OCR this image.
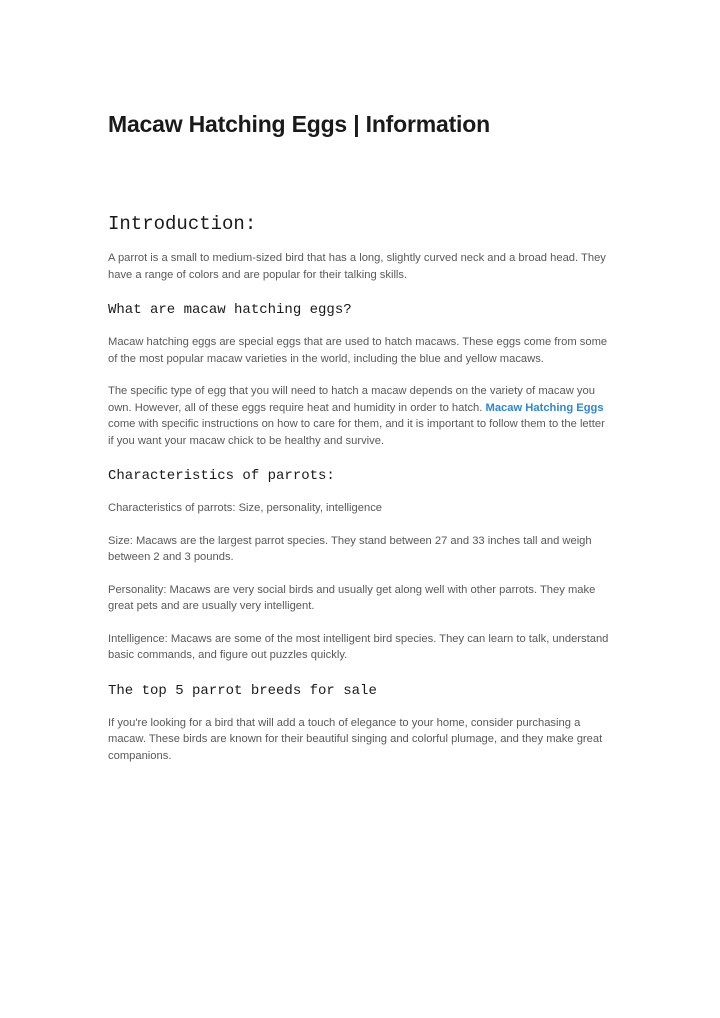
Macaw Hatching Eggs | Information
Introduction:

A parrot is a small to medium-sized bird that has a long, slightly curved neck and a broad head. They have a range of colors and are popular for their talking skills.

What are macaw hatching eggs?

Macaw hatching eggs are special eggs that are used to hatch macaws. These eggs come from some of the most popular macaw varieties in the world, including the blue and yellow macaws.

The specific type of egg that you will need to hatch a macaw depends on the variety of macaw you own. However, all of these eggs require heat and humidity in order to hatch. Macaw Hatching Eggs come with specific instructions on how to care for them, and it is important to follow them to the letter if you want your macaw chick to be healthy and survive.

Characteristics of parrots:

Characteristics of parrots: Size, personality, intelligence

Size: Macaws are the largest parrot species. They stand between 27 and 33 inches tall and weigh between 2 and 3 pounds.

Personality: Macaws are very social birds and usually get along well with other parrots. They make great pets and are usually very intelligent.

Intelligence: Macaws are some of the most intelligent bird species. They can learn to talk, understand basic commands, and figure out puzzles quickly.

The top 5 parrot breeds for sale

If you're looking for a bird that will add a touch of elegance to your home, consider purchasing a macaw. These birds are known for their beautiful singing and colorful plumage, and they make great companions.
